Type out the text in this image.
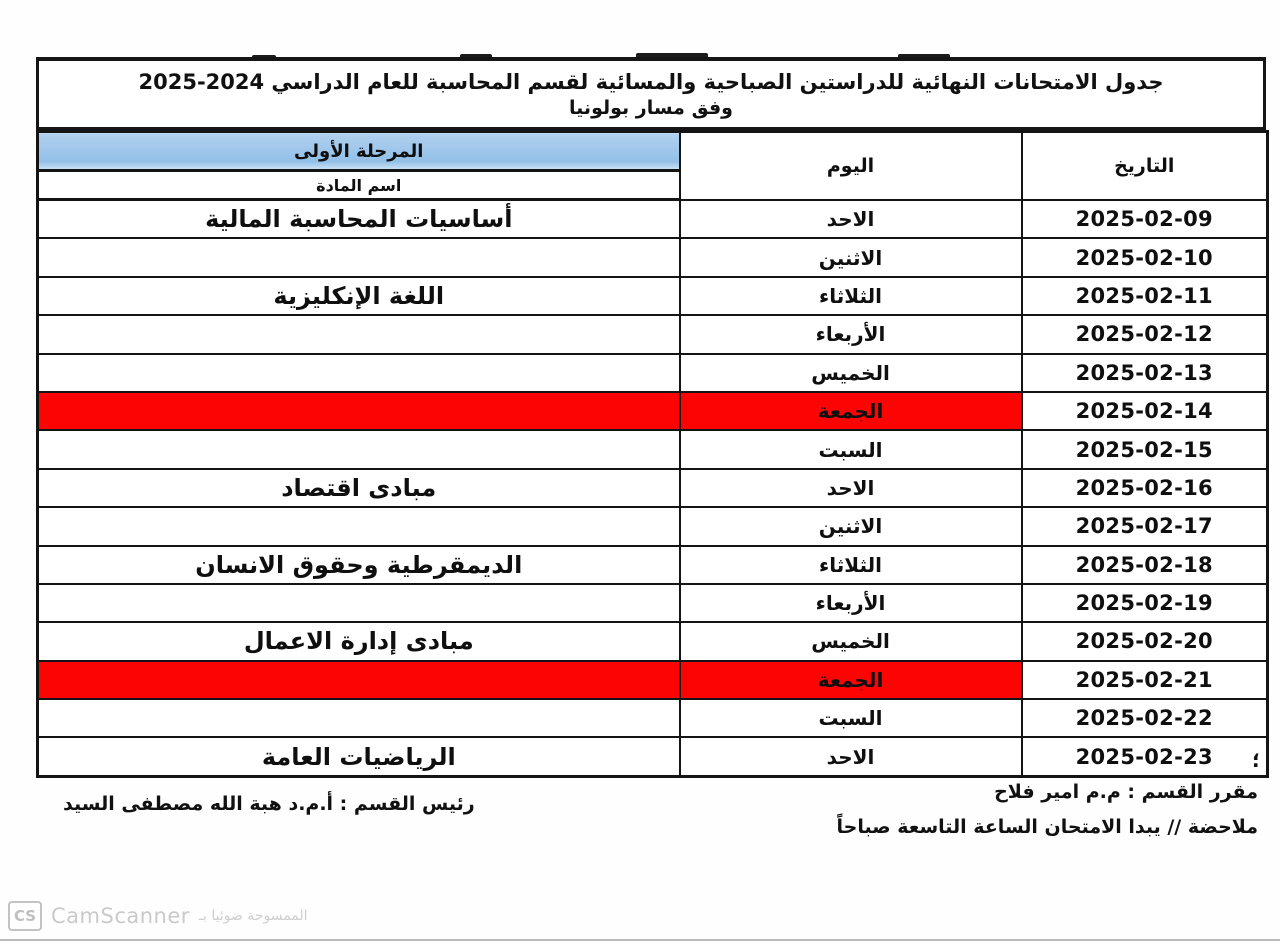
جدول الامتحانات النهائية للدراستين الصباحية والمسائية لقسم المحاسبة للعام الدراسي 2024‏-‏2025
وفق مسار بولونيا
التاريخ	اليوم	المرحلة الأولى
		اسم المادة
2025-02-09	الاحد	أساسيات المحاسبة المالية
2025-02-10	الاثنين	
2025-02-11	الثلاثاء	اللغة الإنكليزية
2025-02-12	الأربعاء	
2025-02-13	الخميس	
2025-02-14	الجمعة	
2025-02-15	السبت	
2025-02-16	الاحد	مبادى اقتصاد
2025-02-17	الاثنين	
2025-02-18	الثلاثاء	الديمقرطية وحقوق الانسان
2025-02-19	الأربعاء	
2025-02-20	الخميس	مبادى إدارة الاعمال
2025-02-21	الجمعة	
2025-02-22	السبت	
2025-02-23	الاحد	الرياضيات العامة	؛
مقرر القسم : م.م امير فلاح
ملاحضة // يبدا الامتحان الساعة التاسعة صباحاً
رئيس القسم : أ.م.د هبة الله مصطفى السيد
CS CamScanner الممسوحة ضوئيا بـ
